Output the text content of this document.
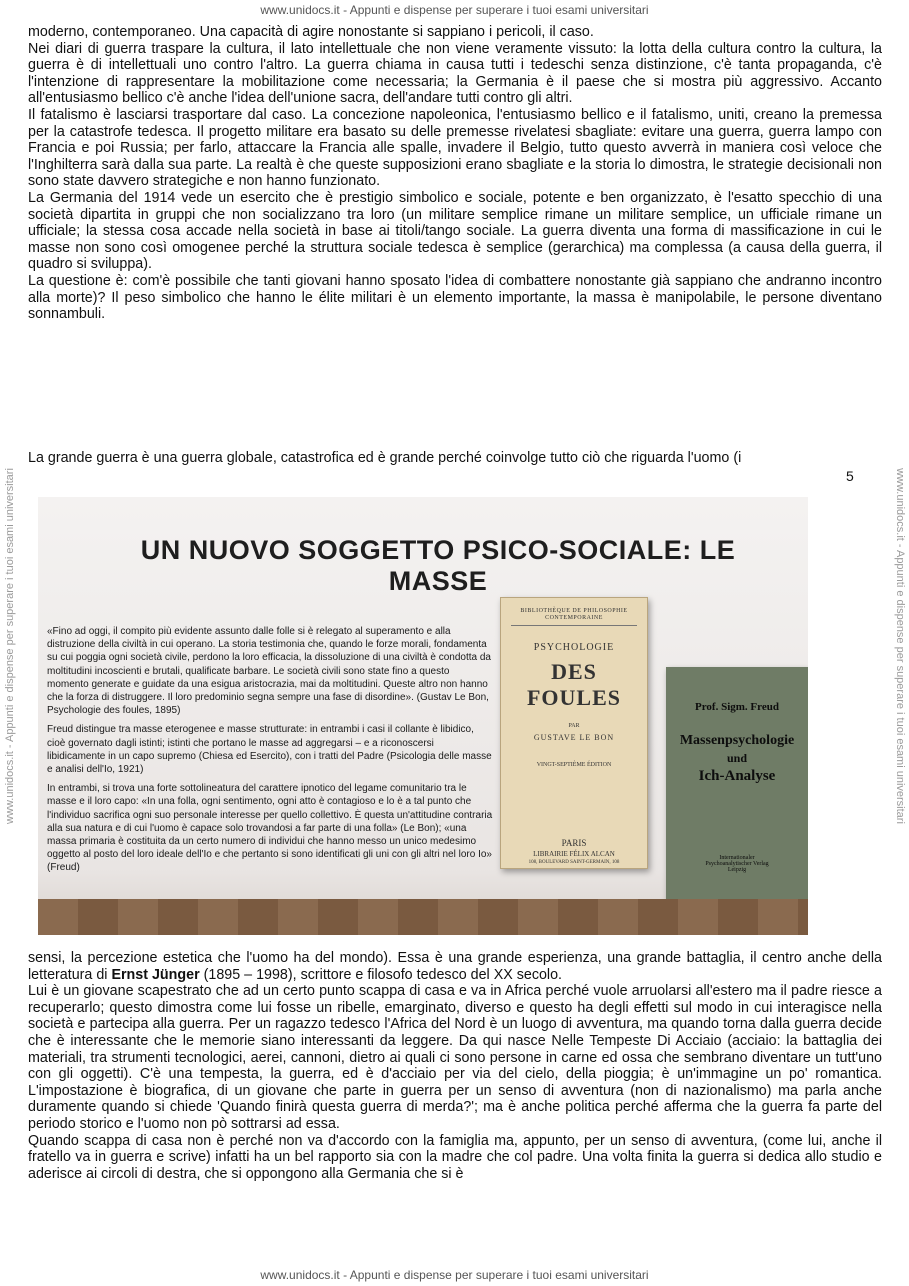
www.unidocs.it - Appunti e dispense per superare i tuoi esami universitari
www.unidocs.it - Appunti e dispense per superare i tuoi esami universitari	www.unidocs.it - Appunti e dispense per superare i tuoi esami universitari

moderno, contemporaneo. Una capacità di agire nonostante si sappiano i pericoli, il caso.

Nei diari di guerra traspare la cultura, il lato intellettuale che non viene veramente vissuto: la lotta della cultura contro la cultura, la guerra è di intellettuali uno contro l'altro. La guerra chiama in causa tutti i tedeschi senza distinzione, c'è tanta propaganda, c'è l'intenzione di rappresentare la mobilitazione come necessaria; la Germania è il paese che si mostra più aggressivo. Accanto all'entusiasmo bellico c'è anche l'idea dell'unione sacra, dell'andare tutti contro gli altri.

Il fatalismo è lasciarsi trasportare dal caso. La concezione napoleonica, l'entusiasmo bellico e il fatalismo, uniti, creano la premessa per la catastrofe tedesca. Il progetto militare era basato su delle premesse rivelatesi sbagliate: evitare una guerra, guerra lampo con Francia e poi Russia; per farlo, attaccare la Francia alle spalle, invadere il Belgio, tutto questo avverrà in maniera così veloce che l'Inghilterra sarà dalla sua parte. La realtà è che queste supposizioni erano sbagliate e la storia lo dimostra, le strategie decisionali non sono state davvero strategiche e non hanno funzionato.

La Germania del 1914 vede un esercito che è prestigio simbolico e sociale, potente e ben organizzato, è l'esatto specchio di una società dipartita in gruppi che non socializzano tra loro (un militare semplice rimane un militare semplice, un ufficiale rimane un ufficiale; la stessa cosa accade nella società in base ai titoli/tango sociale. La guerra diventa una forma di massificazione in cui le masse non sono così omogenee perché la struttura sociale tedesca è semplice (gerarchica) ma complessa (a causa della guerra, il quadro si sviluppa).

La questione è: com'è possibile che tanti giovani hanno sposato l'idea di combattere nonostante già sappiano che andranno incontro alla morte)? Il peso simbolico che hanno le élite militari è un elemento importante, la massa è manipolabile, le persone diventano sonnambuli.

La grande guerra è una guerra globale, catastrofica ed è grande perché coinvolge tutto ciò che riguarda l'uomo (i

5
UN NUOVO SOGGETTO PSICO-SOCIALE: LE MASSE

«Fino ad oggi, il compito più evidente assunto dalle folle si è relegato al superamento e alla distruzione della civiltà in cui operano. La storia testimonia che, quando le forze morali, fondamenta su cui poggia ogni società civile, perdono la loro efficacia, la dissoluzione di una civiltà è condotta da moltitudini incoscienti e brutali, qualificate barbare. Le società civili sono state fino a questo momento generate e guidate da una esigua aristocrazia, mai da moltitudini. Queste altro non hanno che la forza di distruggere. Il loro predominio segna sempre una fase di disordine». (Gustav Le Bon, Psychologie des foules, 1895)

Freud distingue tra masse eterogenee e masse strutturate: in entrambi i casi il collante è libidico, cioè governato dagli istinti; istinti che portano le masse ad aggregarsi – e a riconoscersi libidicamente in un capo supremo (Chiesa ed Esercito), con i tratti del Padre (Psicologia delle masse e analisi dell'Io, 1921)

In entrambi, si trova una forte sottolineatura del carattere ipnotico del legame comunitario tra le masse e il loro capo: «In una folla, ogni sentimento, ogni atto è contagioso e lo è a tal punto che l'individuo sacrifica ogni suo personale interesse per quello collettivo. È questa un'attitudine contraria alla sua natura e di cui l'uomo è capace solo trovandosi a far parte di una folla» (Le Bon); «una massa primaria è costituita da un certo numero di individui che hanno messo un unico medesimo oggetto al posto del loro ideale dell'Io e che pertanto si sono identificati gli uni con gli altri nel loro Io» (Freud)

BIBLIOTHÈQUE DE PHILOSOPHIE CONTEMPORAINE
PSYCHOLOGIE
DES FOULES
PAR
GUSTAVE LE BON
VINGT-SEPTIÈME ÉDITION
PARIS
LIBRAIRIE FÉLIX ALCAN
108, BOULEVARD SAINT-GERMAIN, 108
Prof. Sigm. Freud
Massenpsychologie
und
Ich-Analyse
Internationaler
Psychoanalytischer Verlag
Leipzig

sensi, la percezione estetica che l'uomo ha del mondo). Essa è una grande esperienza, una grande battaglia, il centro anche della letteratura di Ernst Jünger (1895 – 1998), scrittore e filosofo tedesco del XX secolo.

Lui è un giovane scapestrato che ad un certo punto scappa di casa e va in Africa perché vuole arruolarsi all'estero ma il padre riesce a recuperarlo; questo dimostra come lui fosse un ribelle, emarginato, diverso e questo ha degli effetti sul modo in cui interagisce nella società e partecipa alla guerra. Per un ragazzo tedesco l'Africa del Nord è un luogo di avventura, ma quando torna dalla guerra decide che è interessante che le memorie siano interessanti da leggere. Da qui nasce Nelle Tempeste Di Acciaio (acciaio: la battaglia dei materiali, tra strumenti tecnologici, aerei, cannoni, dietro ai quali ci sono persone in carne ed ossa che sembrano diventare un tutt'uno con gli oggetti). C'è una tempesta, la guerra, ed è d'acciaio per via del cielo, della pioggia; è un'immagine un po' romantica. L'impostazione è biografica, di un giovane che parte in guerra per un senso di avventura (non di nazionalismo) ma parla anche duramente quando si chiede 'Quando finirà questa guerra di merda?'; ma è anche politica perché afferma che la guerra fa parte del periodo storico e l'uomo non pò sottrarsi ad essa.

Quando scappa di casa non è perché non va d'accordo con la famiglia ma, appunto, per un senso di avventura, (come lui, anche il fratello va in guerra e scrive) infatti ha un bel rapporto sia con la madre che col padre. Una volta finita la guerra si dedica allo studio e aderisce ai circoli di destra, che si oppongono alla Germania che si è

www.unidocs.it - Appunti e dispense per superare i tuoi esami universitari
